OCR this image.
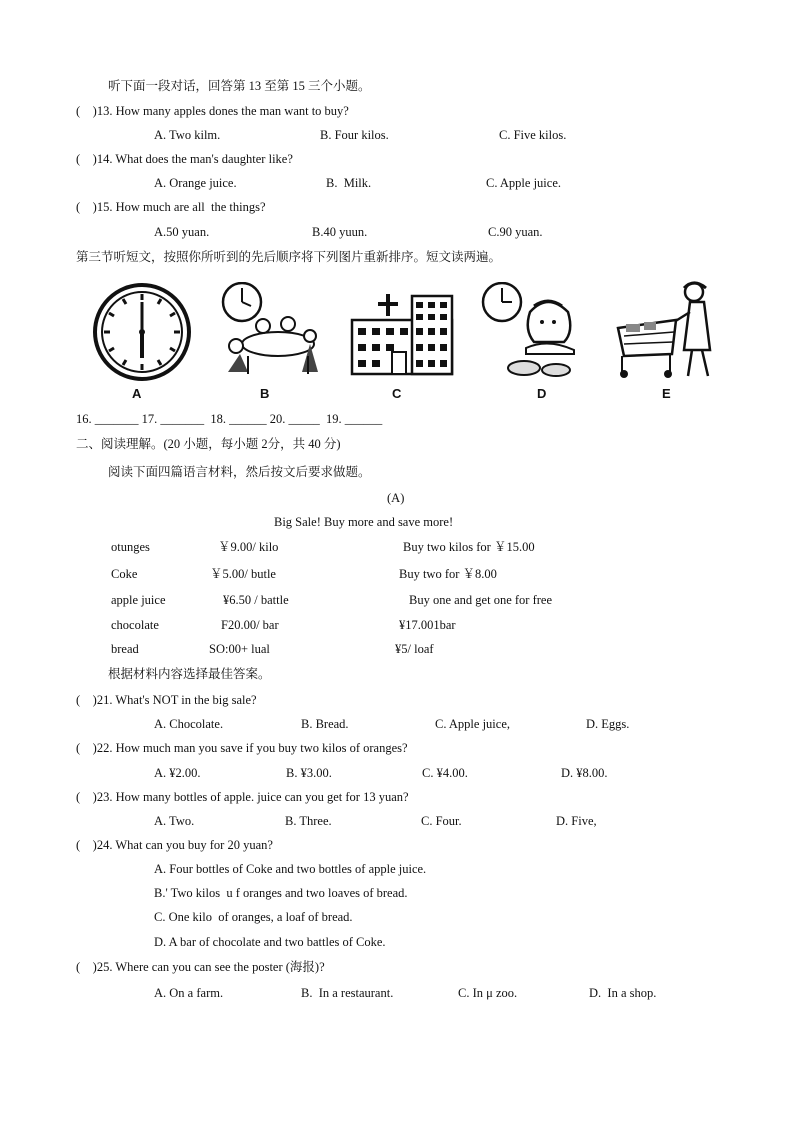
听下面一段对话，回答第 13 至第 15 三个小题。
(    )13. How many apples dones the man want to buy?
A. Two kilm.	B. Four kilos.	C. Five kilos.
(    )14. What does the man's daughter like?
A. Orange juice.	B.  Milk.	C. Apple juice.
(    )15. How much are all  the things?
A.50 yuan.	B.40 yuun.	C.90 yuan.
第三节听短文，按照你所听到的先后顺序将下列图片重新排序。短文读两遍。
A	B	C	D	E
16. _______ 17. _______  18. ______ 20. _____  19. ______
二、阅读理解。(20 小题，每小题 2分，共 40 分)
阅读下面四篇语言材料，然后按文后要求做题。
(A)
Big Sale! Buy more and save more!
otunges	￥9.00/ kilo	Buy two kilos for ￥15.00
Coke	￥5.00/ butle	Buy two for ￥8.00
apple juice	¥6.50 / battle	Buy one and get one for free
chocolate	F20.00/ bar	¥17.001bar
bread	SO:00+ lual	¥5/ loaf
根据材料内容选择最佳答案。
(    )21. What's NOT in the big sale?
A. Chocolate.	B. Bread.	C. Apple juice,	D. Eggs.
(    )22. How much man you save if you buy two kilos of oranges?
A. ¥2.00.	B. ¥3.00.	C. ¥4.00.	D. ¥8.00.
(    )23. How many bottles of apple. juice can you get for 13 yuan?
A. Two.	B. Three.	C. Four.	D. Five,
(    )24. What can you buy for 20 yuan?
A. Four bottles of Coke and two bottles of apple juice.
B.' Two kilos  u f oranges and two loaves of bread.
C. One kilo  of oranges, a loaf of bread.
D. A bar of chocolate and two battles of Coke.
(    )25. Where can you can see the poster (海报)?
A. On a farm.	B.  In a restaurant.	C. In μ zoo.	D.  In a shop.
